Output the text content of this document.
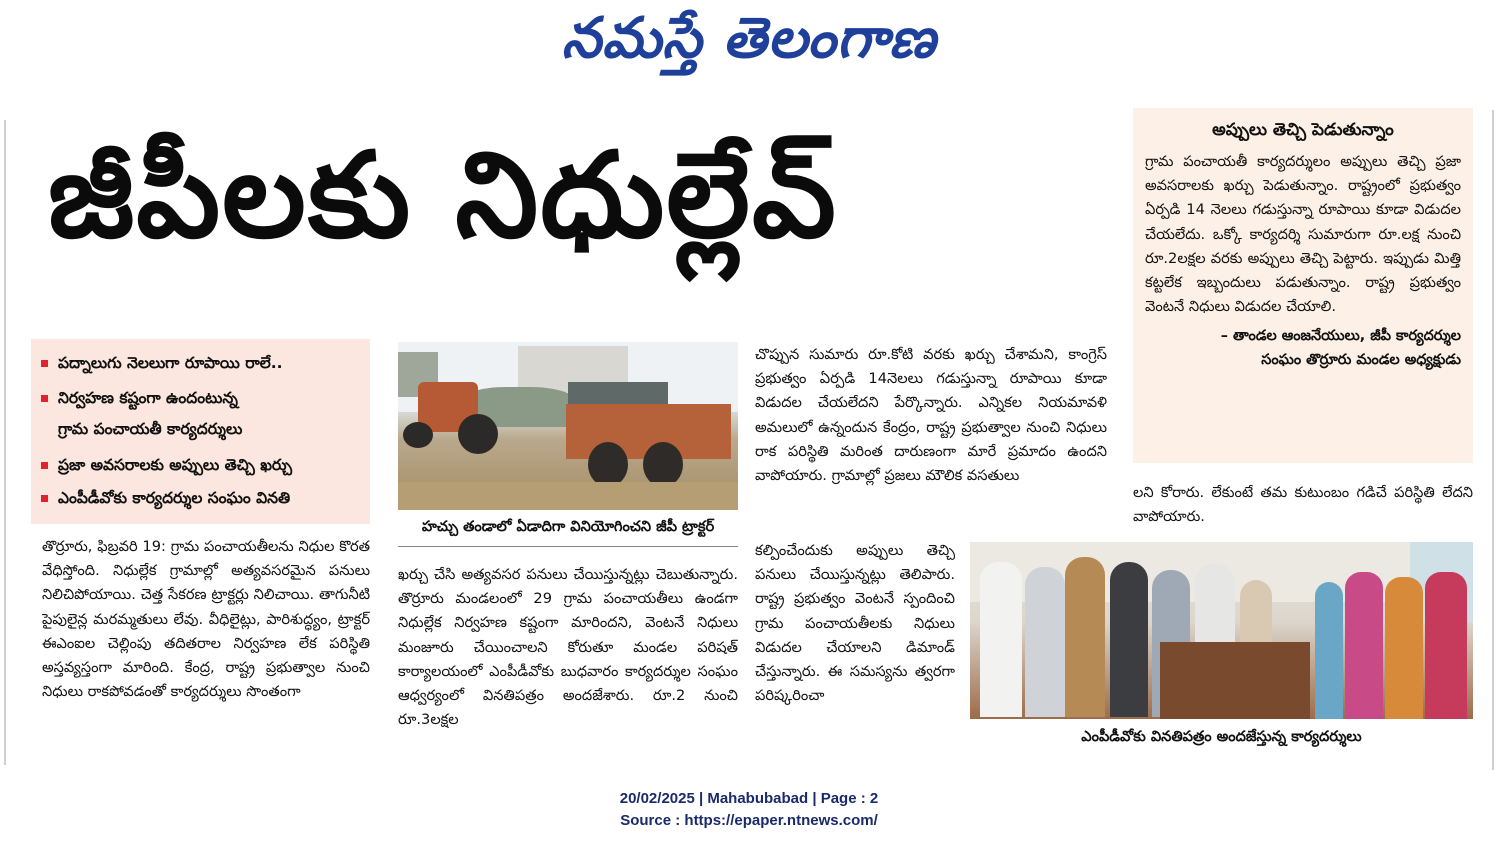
నమస్తే తెలంగాణ
జీపీలకు నిధుల్లేవ్
పద్నాలుగు నెలలుగా రూపాయి రాలే..
నిర్వహణ కష్టంగా ఉందంటున్న
గ్రామ పంచాయతీ కార్యదర్శులు
ప్రజా అవసరాలకు అప్పులు తెచ్చి ఖర్చు
ఎంపీడీవోకు కార్యదర్శుల సంఘం వినతి
తొర్రూరు, ఫిబ్రవరి 19: గ్రామ పంచాయతీలను నిధుల కొరత వేధిస్తోంది. నిధుల్లేక గ్రామాల్లో అత్యవసరమైన పనులు నిలిచిపోయాయి. చెత్త సేకరణ ట్రాక్టర్లు నిలిచాయి. తాగునీటి పైపులైన్ల మరమ్మతులు లేవు. వీధిలైట్లు, పారిశుద్ధ్యం, ట్రాక్టర్ ఈఎంఐల చెల్లింపు తదితరాల నిర్వహణ లేక పరిస్థితి అస్తవ్యస్తంగా మారింది. కేంద్ర, రాష్ట్ర ప్రభుత్వాల నుంచి నిధులు రాకపోవడంతో కార్యదర్శులు సొంతంగా
హచ్చు తండాలో ఏడాదిగా వినియోగించని జీపీ ట్రాక్టర్
ఖర్చు చేసి అత్యవసర పనులు చేయిస్తున్నట్లు చెబుతున్నారు. తొర్రూరు మండలంలో 29 గ్రామ పంచాయతీలు ఉండగా నిధుల్లేక నిర్వహణ కష్టంగా మారిందని, వెంటనే నిధులు మంజూరు చేయించాలని కోరుతూ మండల పరిషత్ కార్యాలయంలో ఎంపీడీవోకు బుధవారం కార్యదర్శుల సంఘం ఆధ్వర్యంలో వినతిపత్రం అందజేశారు. రూ.2 నుంచి రూ.3లక్షల
చొప్పున సుమారు రూ.కోటి వరకు ఖర్చు చేశామని, కాంగ్రెస్ ప్రభుత్వం ఏర్పడి 14నెలలు గడుస్తున్నా రూపాయి కూడా విడుదల చేయలేదని పేర్కొన్నారు. ఎన్నికల నియమావళి అమలులో ఉన్నందున కేంద్రం, రాష్ట్ర ప్రభుత్వాల నుంచి నిధులు రాక పరిస్థితి మరింత దారుణంగా మారే ప్రమాదం ఉందని వాపోయారు. గ్రామాల్లో ప్రజలు మౌలిక వసతులు
కల్పించేందుకు అప్పులు తెచ్చి పనులు చేయిస్తున్నట్లు తెలిపారు. రాష్ట్ర ప్రభుత్వం వెంటనే స్పందించి గ్రామ పంచాయతీలకు నిధులు విడుదల చేయాలని డిమాండ్ చేస్తున్నారు. ఈ సమస్యను త్వరగా పరిష్కరించా
లని కోరారు. లేకుంటే తమ కుటుంబం గడిచే పరిస్థితి లేదని వాపోయారు.
ఎంపీడీవోకు వినతిపత్రం అందజేస్తున్న కార్యదర్శులు
అప్పులు తెచ్చి పెడుతున్నాం
గ్రామ పంచాయతీ కార్యదర్శులం అప్పులు తెచ్చి ప్రజా అవసరాలకు ఖర్చు పెడుతున్నాం. రాష్ట్రంలో ప్రభుత్వం ఏర్పడి 14 నెలలు గడుస్తున్నా రూపాయి కూడా విడుదల చేయలేదు. ఒక్కో కార్యదర్శి సుమారుగా రూ.లక్ష నుంచి రూ.2లక్షల వరకు అప్పులు తెచ్చి పెట్టారు. ఇప్పుడు మిత్తి కట్టలేక ఇబ్బందులు పడుతున్నాం. రాష్ట్ర ప్రభుత్వం వెంటనే నిధులు విడుదల చేయాలి.
– తాండల ఆంజనేయులు, జీపీ కార్యదర్శుల
సంఘం తొర్రూరు మండల అధ్యక్షుడు
20/02/2025 | Mahabubabad | Page : 2
Source : https://epaper.ntnews.com/
